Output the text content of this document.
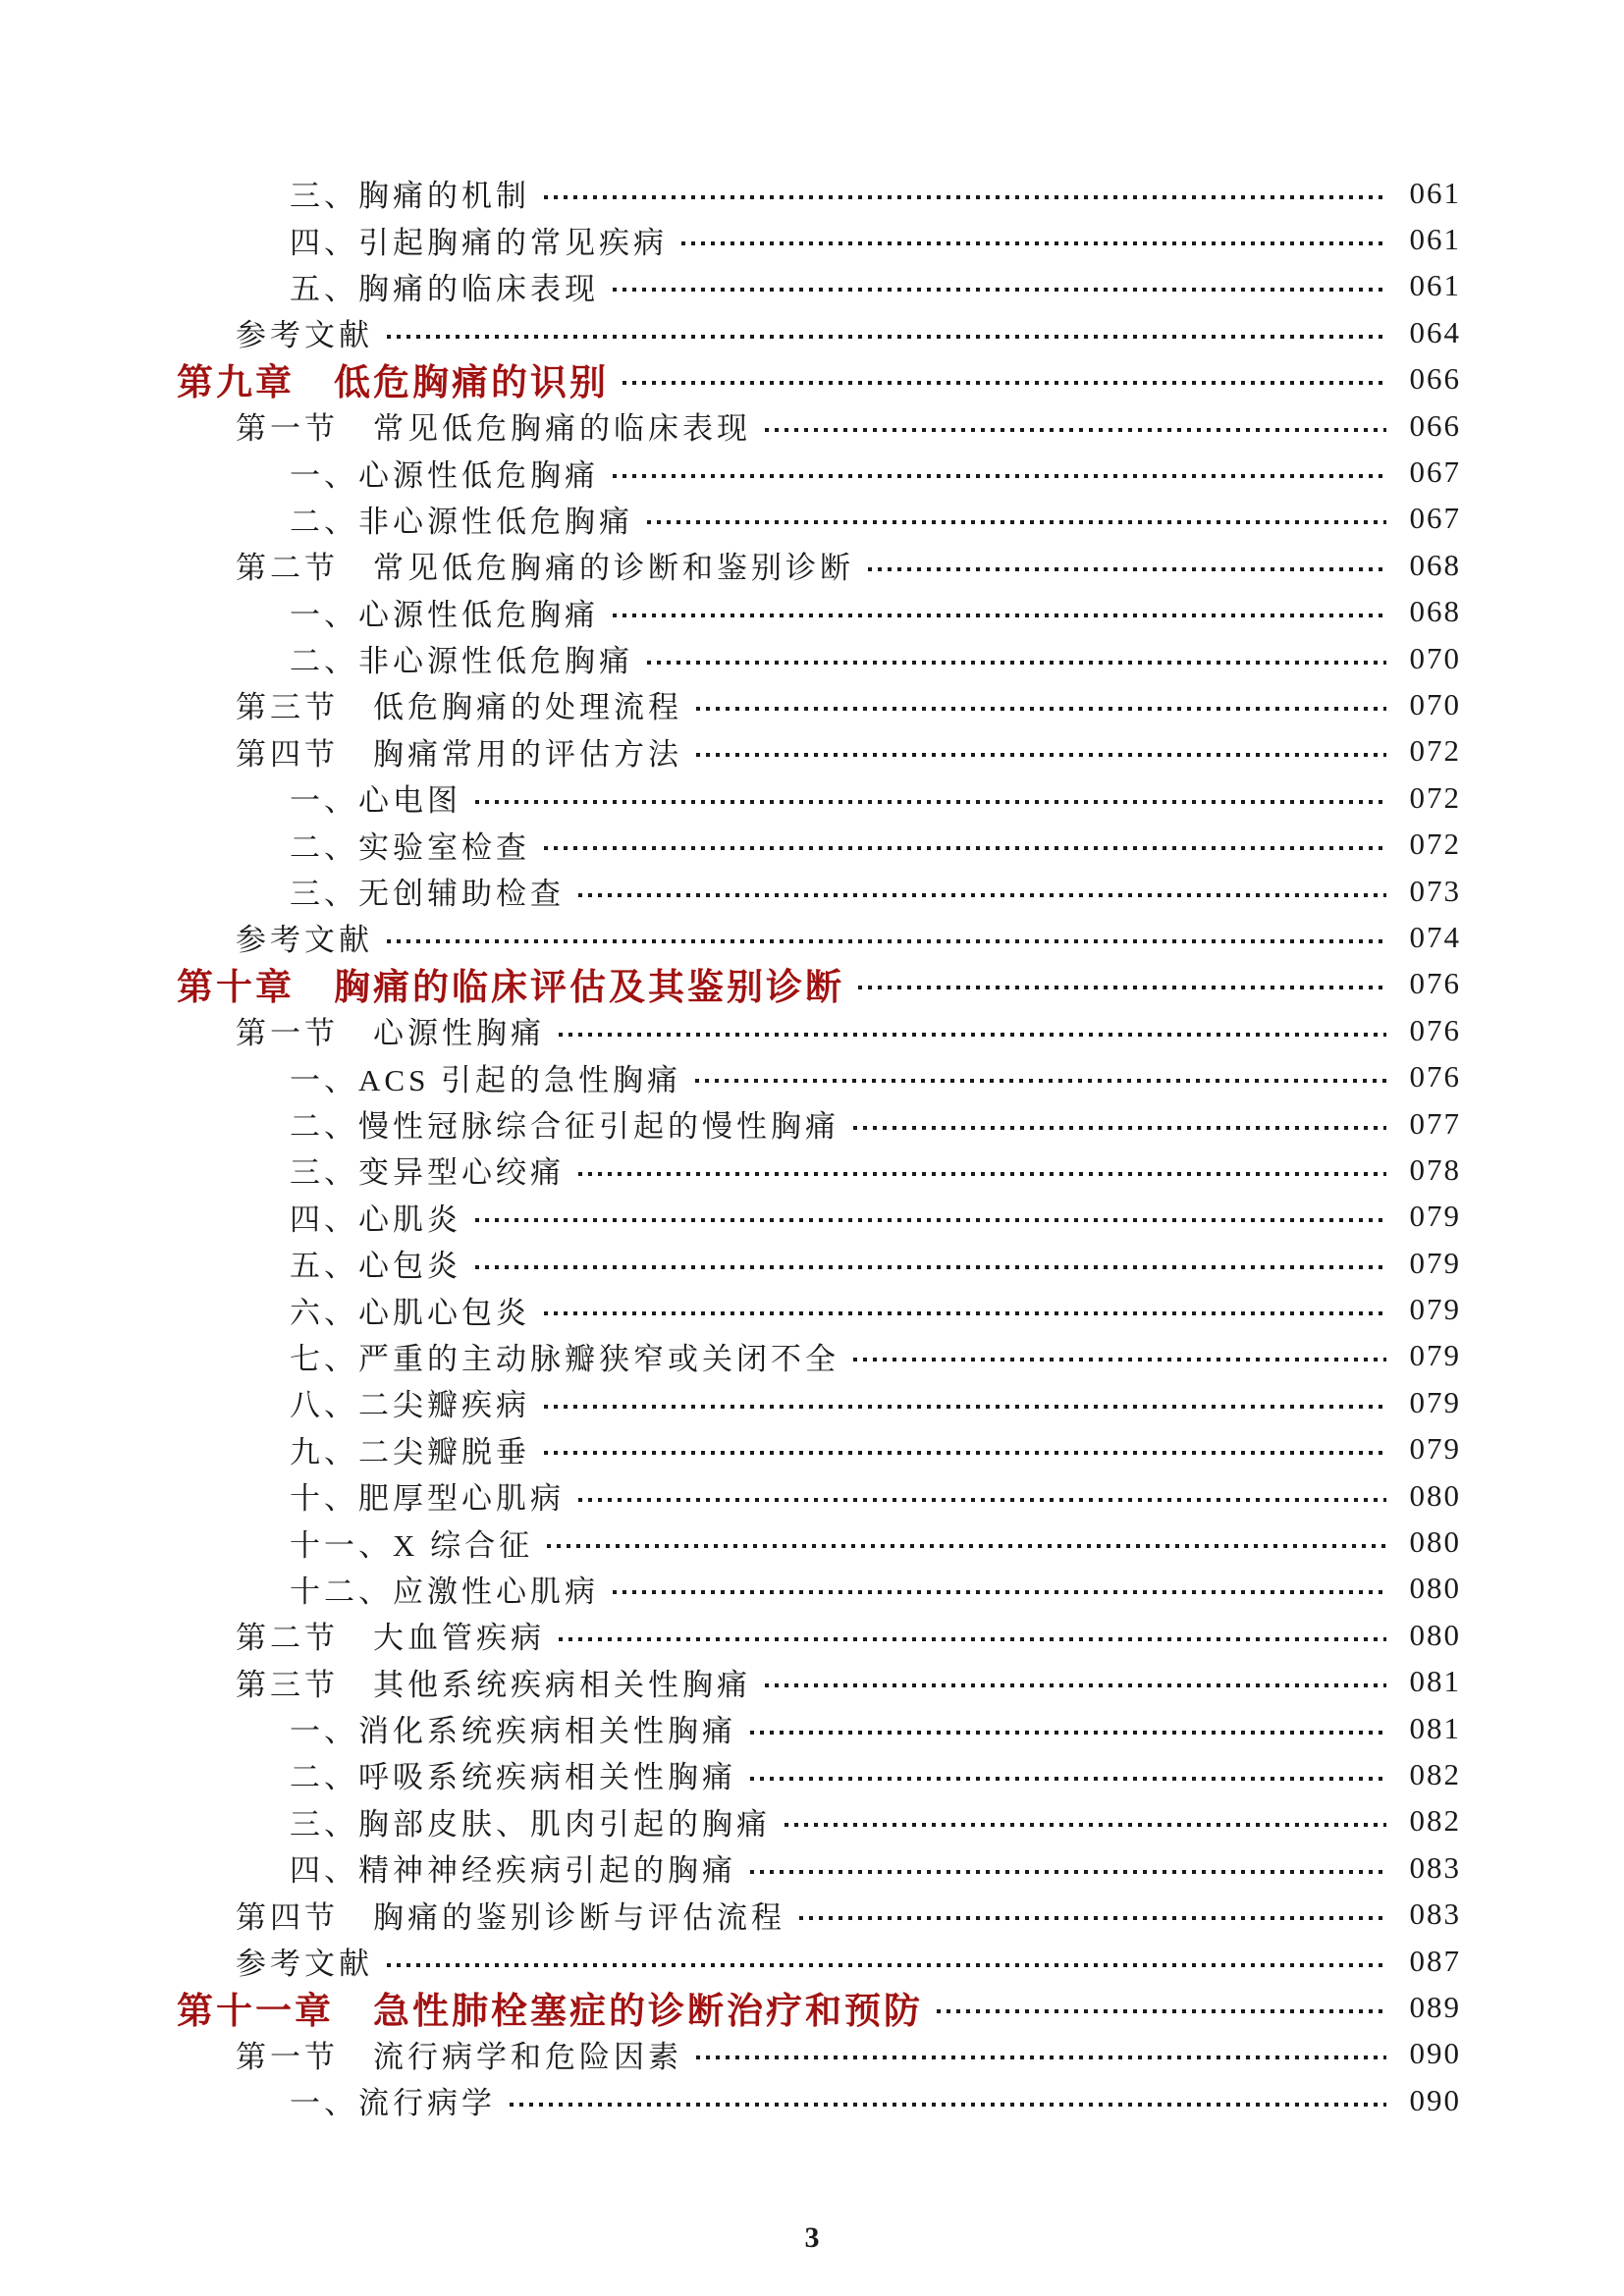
三、胸痛的机制	061
四、引起胸痛的常见疾病	061
五、胸痛的临床表现	061
参考文献	064
第九章　低危胸痛的识别	066
第一节　常见低危胸痛的临床表现	066
一、心源性低危胸痛	067
二、非心源性低危胸痛	067
第二节　常见低危胸痛的诊断和鉴别诊断	068
一、心源性低危胸痛	068
二、非心源性低危胸痛	070
第三节　低危胸痛的处理流程	070
第四节　胸痛常用的评估方法	072
一、心电图	072
二、实验室检查	072
三、无创辅助检查	073
参考文献	074
第十章　胸痛的临床评估及其鉴别诊断	076
第一节　心源性胸痛	076
一、ACS 引起的急性胸痛	076
二、慢性冠脉综合征引起的慢性胸痛	077
三、变异型心绞痛	078
四、心肌炎	079
五、心包炎	079
六、心肌心包炎	079
七、严重的主动脉瓣狭窄或关闭不全	079
八、二尖瓣疾病	079
九、二尖瓣脱垂	079
十、肥厚型心肌病	080
十一、X 综合征	080
十二、应激性心肌病	080
第二节　大血管疾病	080
第三节　其他系统疾病相关性胸痛	081
一、消化系统疾病相关性胸痛	081
二、呼吸系统疾病相关性胸痛	082
三、胸部皮肤、肌肉引起的胸痛	082
四、精神神经疾病引起的胸痛	083
第四节　胸痛的鉴别诊断与评估流程	083
参考文献	087
第十一章　急性肺栓塞症的诊断治疗和预防	089
第一节　流行病学和危险因素	090
一、流行病学	090
3
